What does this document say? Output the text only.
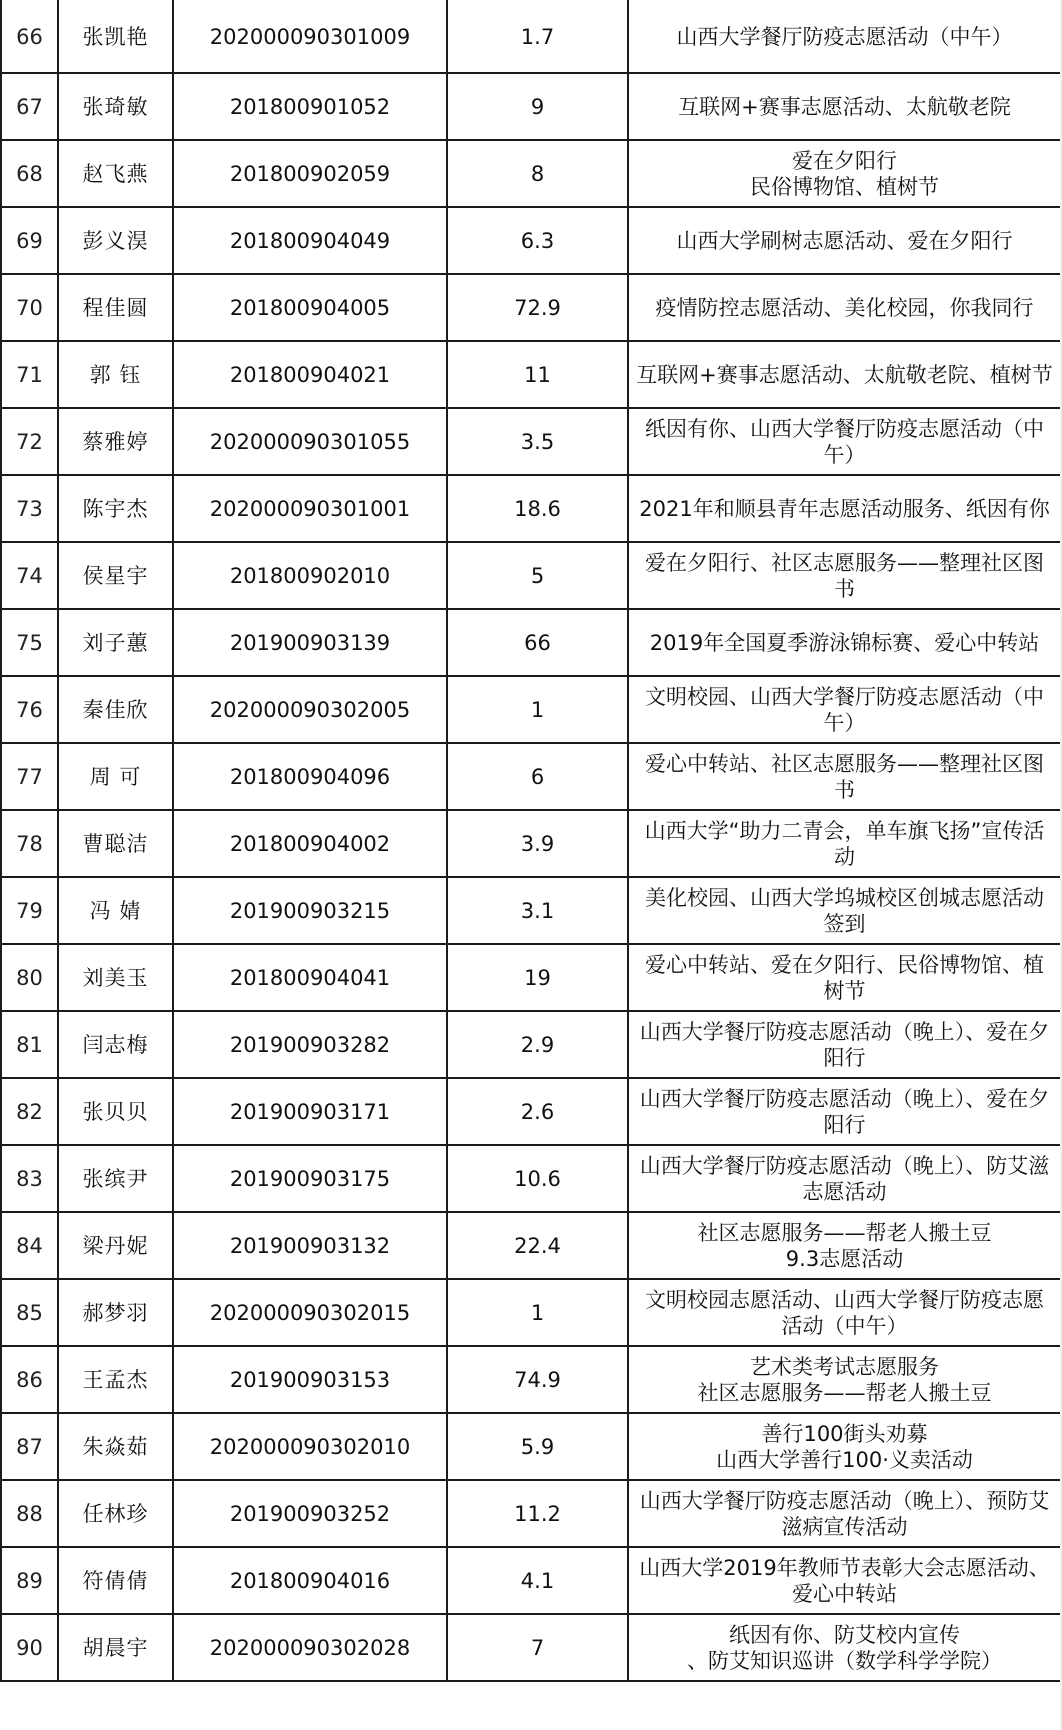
66	张凯艳	202000090301009	1.7	山西大学餐厅防疫志愿活动（中午）
67	张琦敏	201800901052	9	互联网+赛事志愿活动、太航敬老院
68	赵飞燕	201800902059	8	爱在夕阳行
民俗博物馆、植树节
69	彭义淏	201800904049	6.3	山西大学刷树志愿活动、爱在夕阳行
70	程佳圆	201800904005	72.9	疫情防控志愿活动、美化校园，你我同行
71	郭 钰	201800904021	11	互联网+赛事志愿活动、太航敬老院、植树节
72	蔡雅婷	202000090301055	3.5	纸因有你、山西大学餐厅防疫志愿活动（中午）
73	陈宇杰	202000090301001	18.6	2021年和顺县青年志愿活动服务、纸因有你
74	侯星宇	201800902010	5	爱在夕阳行、社区志愿服务——整理社区图书
75	刘子蕙	201900903139	66	2019年全国夏季游泳锦标赛、爱心中转站
76	秦佳欣	202000090302005	1	文明校园、山西大学餐厅防疫志愿活动（中午）
77	周 可	201800904096	6	爱心中转站、社区志愿服务——整理社区图书
78	曹聪洁	201800904002	3.9	山西大学“助力二青会，单车旗飞扬”宣传活动
79	冯 婧	201900903215	3.1	美化校园、山西大学坞城校区创城志愿活动签到
80	刘美玉	201800904041	19	爱心中转站、爱在夕阳行、民俗博物馆、植树节
81	闫志梅	201900903282	2.9	山西大学餐厅防疫志愿活动（晚上）、爱在夕阳行
82	张贝贝	201900903171	2.6	山西大学餐厅防疫志愿活动（晚上）、爱在夕阳行
83	张缤尹	201900903175	10.6	山西大学餐厅防疫志愿活动（晚上）、防艾滋志愿活动
84	梁丹妮	201900903132	22.4	社区志愿服务——帮老人搬土豆
9.3志愿活动
85	郝梦羽	202000090302015	1	文明校园志愿活动、山西大学餐厅防疫志愿活动（中午）
86	王孟杰	201900903153	74.9	艺术类考试志愿服务
社区志愿服务——帮老人搬土豆
87	朱焱茹	202000090302010	5.9	善行100街头劝募
山西大学善行100·义卖活动
88	任林珍	201900903252	11.2	山西大学餐厅防疫志愿活动（晚上）、预防艾滋病宣传活动
89	符倩倩	201800904016	4.1	山西大学2019年教师节表彰大会志愿活动、爱心中转站
90	胡晨宇	202000090302028	7	纸因有你、防艾校内宣传
、防艾知识巡讲（数学科学学院）
